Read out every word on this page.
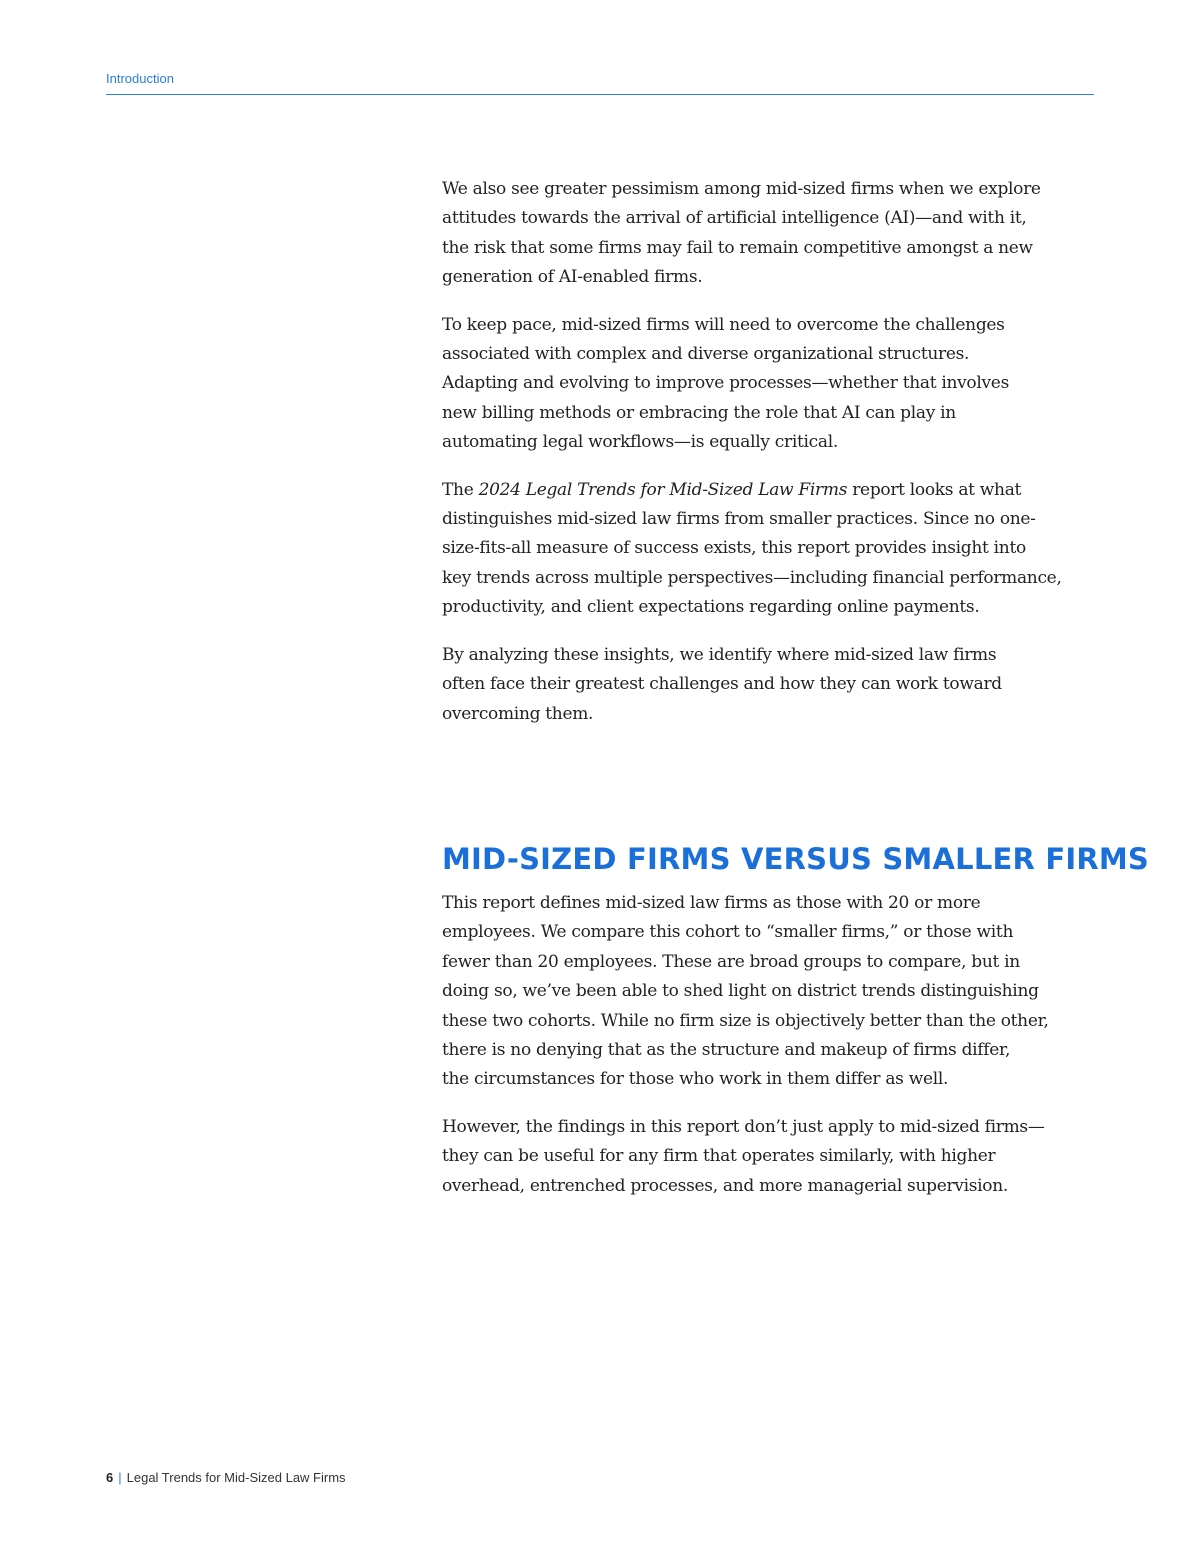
Introduction

We also see greater pessimism among mid-sized firms when we explore
attitudes towards the arrival of artificial intelligence (AI)—and with it,
the risk that some firms may fail to remain competitive amongst a new
generation of AI-enabled firms.

To keep pace, mid-sized firms will need to overcome the challenges
associated with complex and diverse organizational structures.
Adapting and evolving to improve processes—whether that involves
new billing methods or embracing the role that AI can play in
automating legal workflows—is equally critical.

The 2024 Legal Trends for Mid-Sized Law Firms report looks at what
distinguishes mid-sized law firms from smaller practices. Since no one-
size-fits-all measure of success exists, this report provides insight into
key trends across multiple perspectives—including financial performance,
productivity, and client expectations regarding online payments.

By analyzing these insights, we identify where mid-sized law firms
often face their greatest challenges and how they can work toward
overcoming them.

MID-SIZED FIRMS VERSUS SMALLER FIRMS

This report defines mid-sized law firms as those with 20 or more
employees. We compare this cohort to “smaller firms,” or those with
fewer than 20 employees. These are broad groups to compare, but in
doing so, we’ve been able to shed light on district trends distinguishing
these two cohorts. While no firm size is objectively better than the other,
there is no denying that as the structure and makeup of firms differ,
the circumstances for those who work in them differ as well.

However, the findings in this report don’t just apply to mid-sized firms—
they can be useful for any firm that operates similarly, with higher
overhead, entrenched processes, and more managerial supervision.

6 | Legal Trends for Mid-Sized Law Firms
